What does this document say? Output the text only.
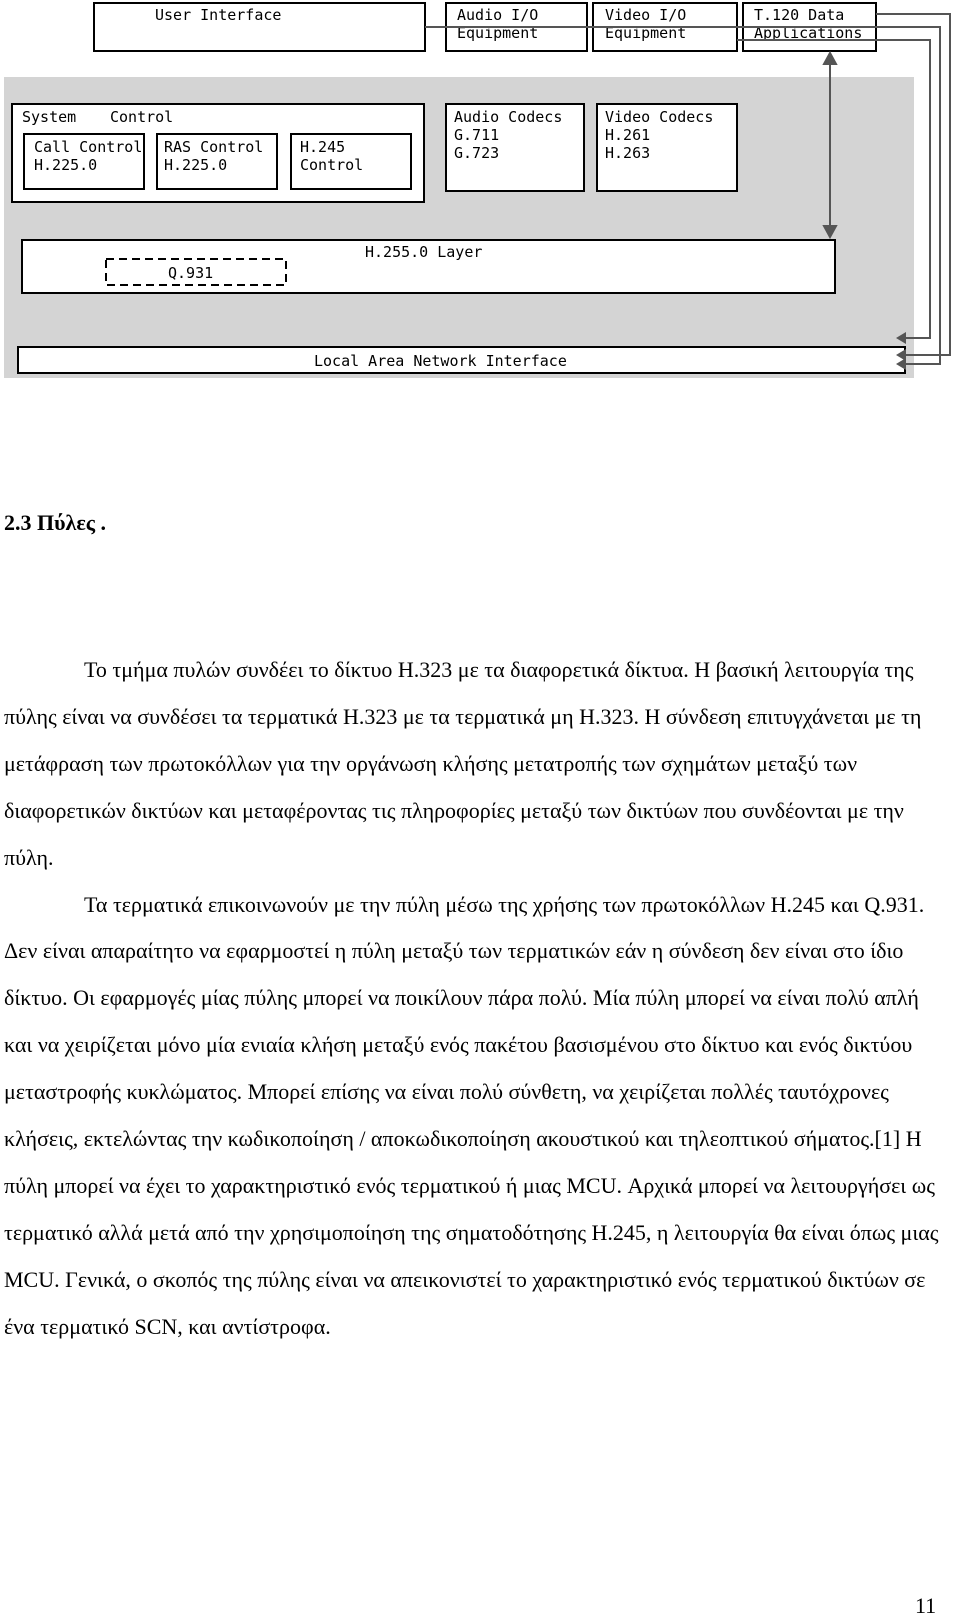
User Interface	Audio I/O
Equipment
Video I/O
Equipment
T.120 Data
Applications
System Control
Call Control
H.225.0
RAS Control
H.225.0
H.245
Control
Audio Codecs
G.711
G.723
Video Codecs
H.261
H.263
H.255.0 Layer
Q.931
Local Area Network Interface
2.3 Πύλες .

Το τμήμα πυλών συνδέει το δίκτυο H.323 με τα διαφορετικά δίκτυα. Η βασική λειτουργία της πύλης είναι να συνδέσει τα τερματικά H.323 με τα τερματικά μη H.323. Η σύνδεση επιτυγχάνεται με τη μετάφραση των πρωτοκόλλων για την οργάνωση κλήσης μετατροπής των σχημάτων μεταξύ των διαφορετικών δικτύων και μεταφέροντας τις πληροφορίες μεταξύ των δικτύων που συνδέονται με την πύλη.

Τα τερματικά επικοινωνούν με την πύλη μέσω της χρήσης των πρωτοκόλλων H.245 και Q.931. Δεν είναι απαραίτητο να εφαρμοστεί η πύλη μεταξύ των τερματικών εάν η σύνδεση δεν είναι στο ίδιο δίκτυο. Οι εφαρμογές μίας πύλης μπορεί να ποικίλουν πάρα πολύ. Μία πύλη μπορεί να είναι πολύ απλή και να χειρίζεται μόνο μία ενιαία κλήση μεταξύ ενός πακέτου βασισμένου στο δίκτυο και ενός δικτύου μεταστροφής κυκλώματος. Μπορεί επίσης να είναι πολύ σύνθετη, να χειρίζεται πολλές ταυτόχρονες κλήσεις, εκτελώντας την κωδικοποίηση / αποκωδικοποίηση ακουστικού και τηλεοπτικού σήματος.[1] Η πύλη μπορεί να έχει το χαρακτηριστικό ενός τερματικού ή μιας MCU. Αρχικά μπορεί να λειτουργήσει ως τερματικό αλλά μετά από την χρησιμοποίηση της σηματοδότησης H.245, η λειτουργία θα είναι όπως μιας MCU. Γενικά, ο σκοπός της πύλης είναι να απεικονιστεί το χαρακτηριστικό ενός τερματικού δικτύων σε ένα τερματικό SCN, και αντίστροφα.

11
